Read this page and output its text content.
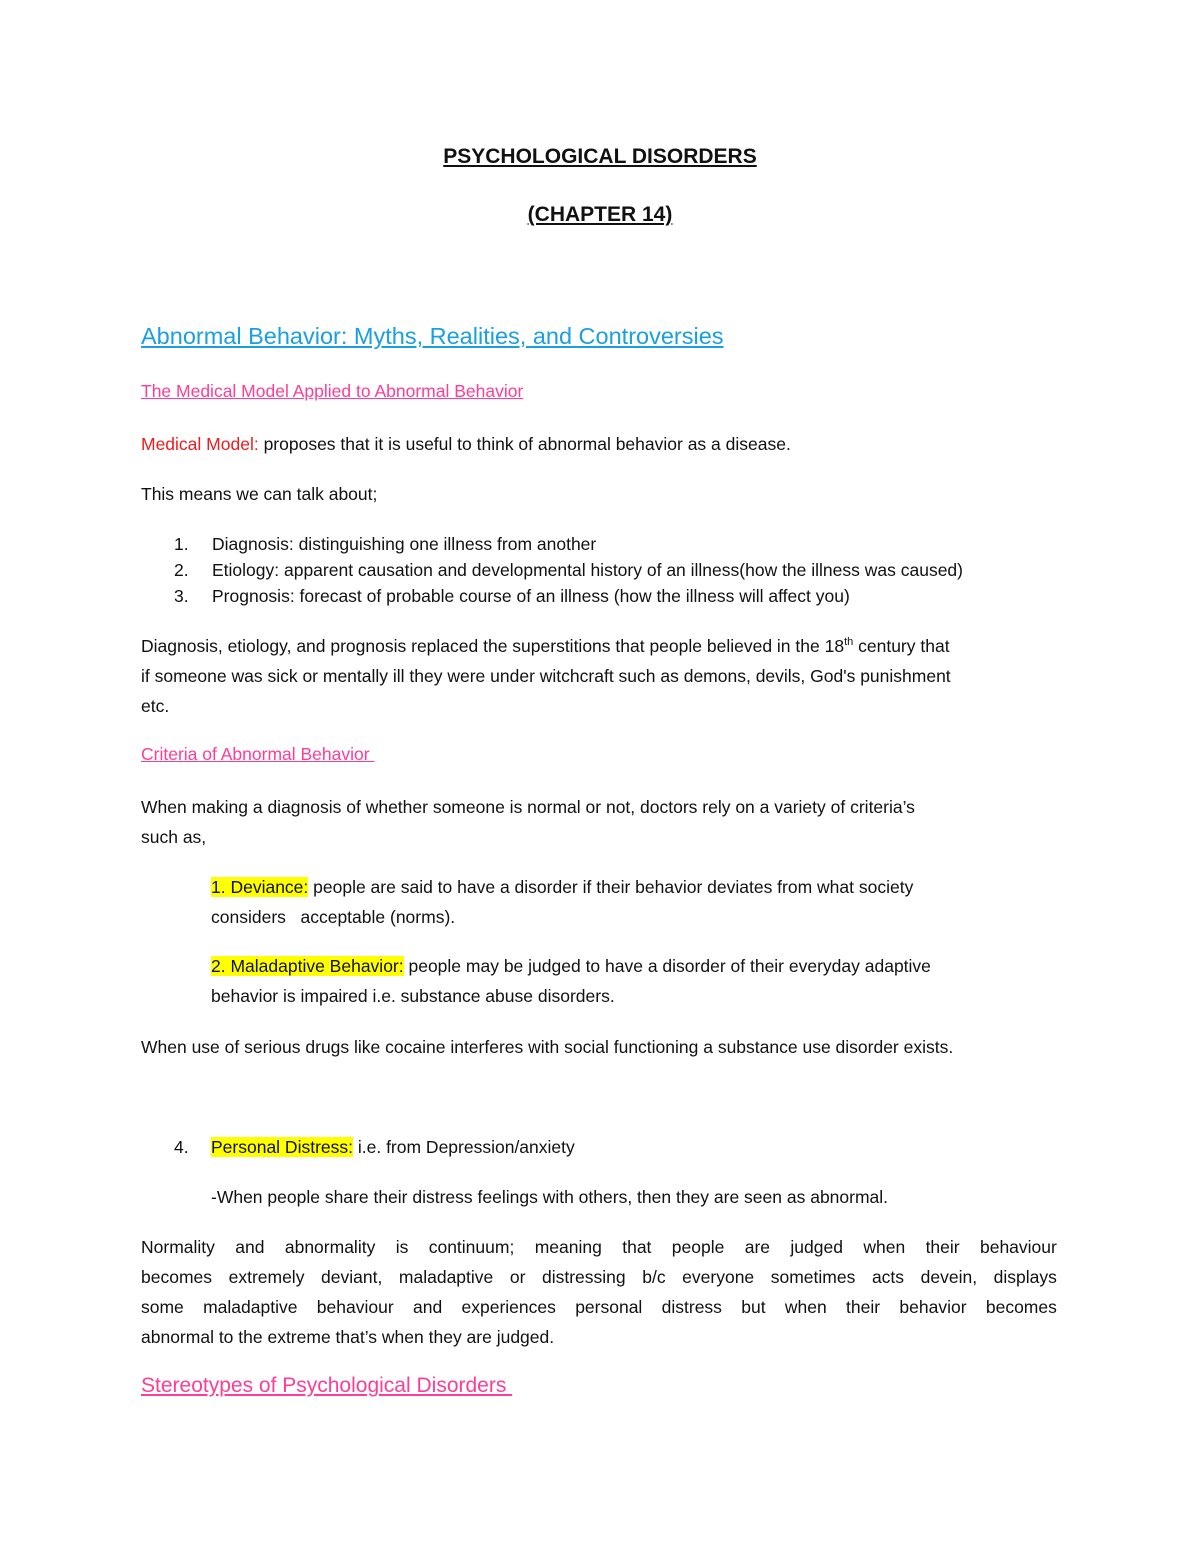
PSYCHOLOGICAL DISORDERS
(CHAPTER 14)
Abnormal Behavior: Myths, Realities, and Controversies
The Medical Model Applied to Abnormal Behavior
Medical Model: proposes that it is useful to think of abnormal behavior as a disease.
This means we can talk about;
1. Diagnosis: distinguishing one illness from another
2. Etiology: apparent causation and developmental history of an illness(how the illness was caused)
3. Prognosis: forecast of probable course of an illness (how the illness will affect you)
Diagnosis, etiology, and prognosis replaced the superstitions that people believed in the 18th century that
if someone was sick or mentally ill they were under witchcraft such as demons, devils, God's punishment
etc.
Criteria of Abnormal Behavior
When making a diagnosis of whether someone is normal or not, doctors rely on a variety of criteria’s
such as,
1. Deviance: people are said to have a disorder if their behavior deviates from what society
considers   acceptable (norms).
2. Maladaptive Behavior: people may be judged to have a disorder of their everyday adaptive
behavior is impaired i.e. substance abuse disorders.
When use of serious drugs like cocaine interferes with social functioning a substance use disorder exists.
4. Personal Distress: i.e. from Depression/anxiety
-When people share their distress feelings with others, then they are seen as abnormal.
Normality and abnormality is continuum; meaning that people are judged when their behaviour
becomes extremely deviant, maladaptive or distressing b/c everyone sometimes acts devein, displays
some maladaptive behaviour and experiences personal distress but when their behavior becomes
abnormal to the extreme that’s when they are judged.
Stereotypes of Psychological Disorders
